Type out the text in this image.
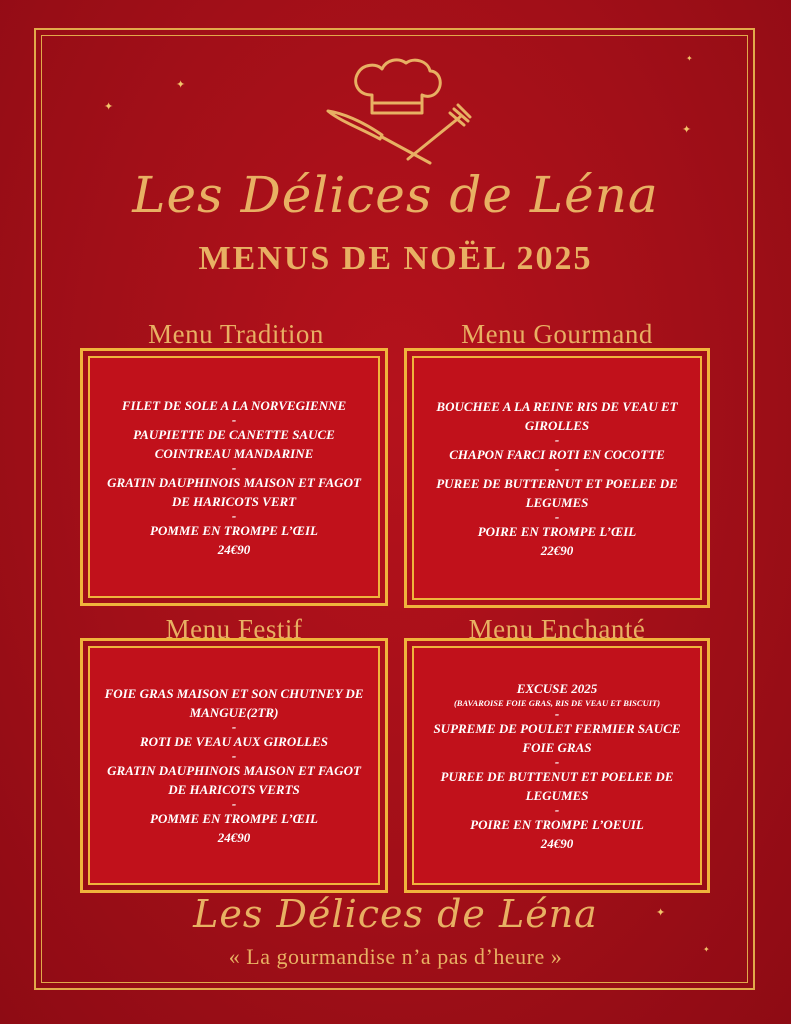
✦
✦
✦
✦
✦
✦
Les Délices de Léna
MENUS DE NOËL 2025
Menu Tradition
FILET DE SOLE A LA NORVEGIENNE
-
PAUPIETTE DE CANETTE SAUCE COINTREAU MANDARINE
-
GRATIN DAUPHINOIS MAISON ET FAGOT DE HARICOTS VERT
-
POMME EN TROMPE L’ŒIL
24€90
Menu Gourmand
BOUCHEE A LA REINE RIS DE VEAU ET GIROLLES
-
CHAPON FARCI ROTI EN COCOTTE
-
PUREE DE BUTTERNUT ET POELEE DE LEGUMES
-
POIRE EN TROMPE L’ŒIL
22€90
Menu Festif
FOIE GRAS MAISON ET SON CHUTNEY DE MANGUE(2TR)
-
ROTI DE VEAU AUX GIROLLES
-
GRATIN DAUPHINOIS MAISON ET FAGOT DE HARICOTS VERTS
-
POMME EN TROMPE L’ŒIL
24€90
Menu Enchanté
EXCUSE 2025
(BAVAROISE FOIE GRAS, RIS DE VEAU ET BISCUIT)
-
SUPREME DE POULET FERMIER SAUCE FOIE GRAS
-
PUREE DE BUTTENUT ET POELEE DE LEGUMES
-
POIRE EN TROMPE L’OEUIL
24€90
Les Délices de Léna
« La gourmandise n’a pas d’heure »
